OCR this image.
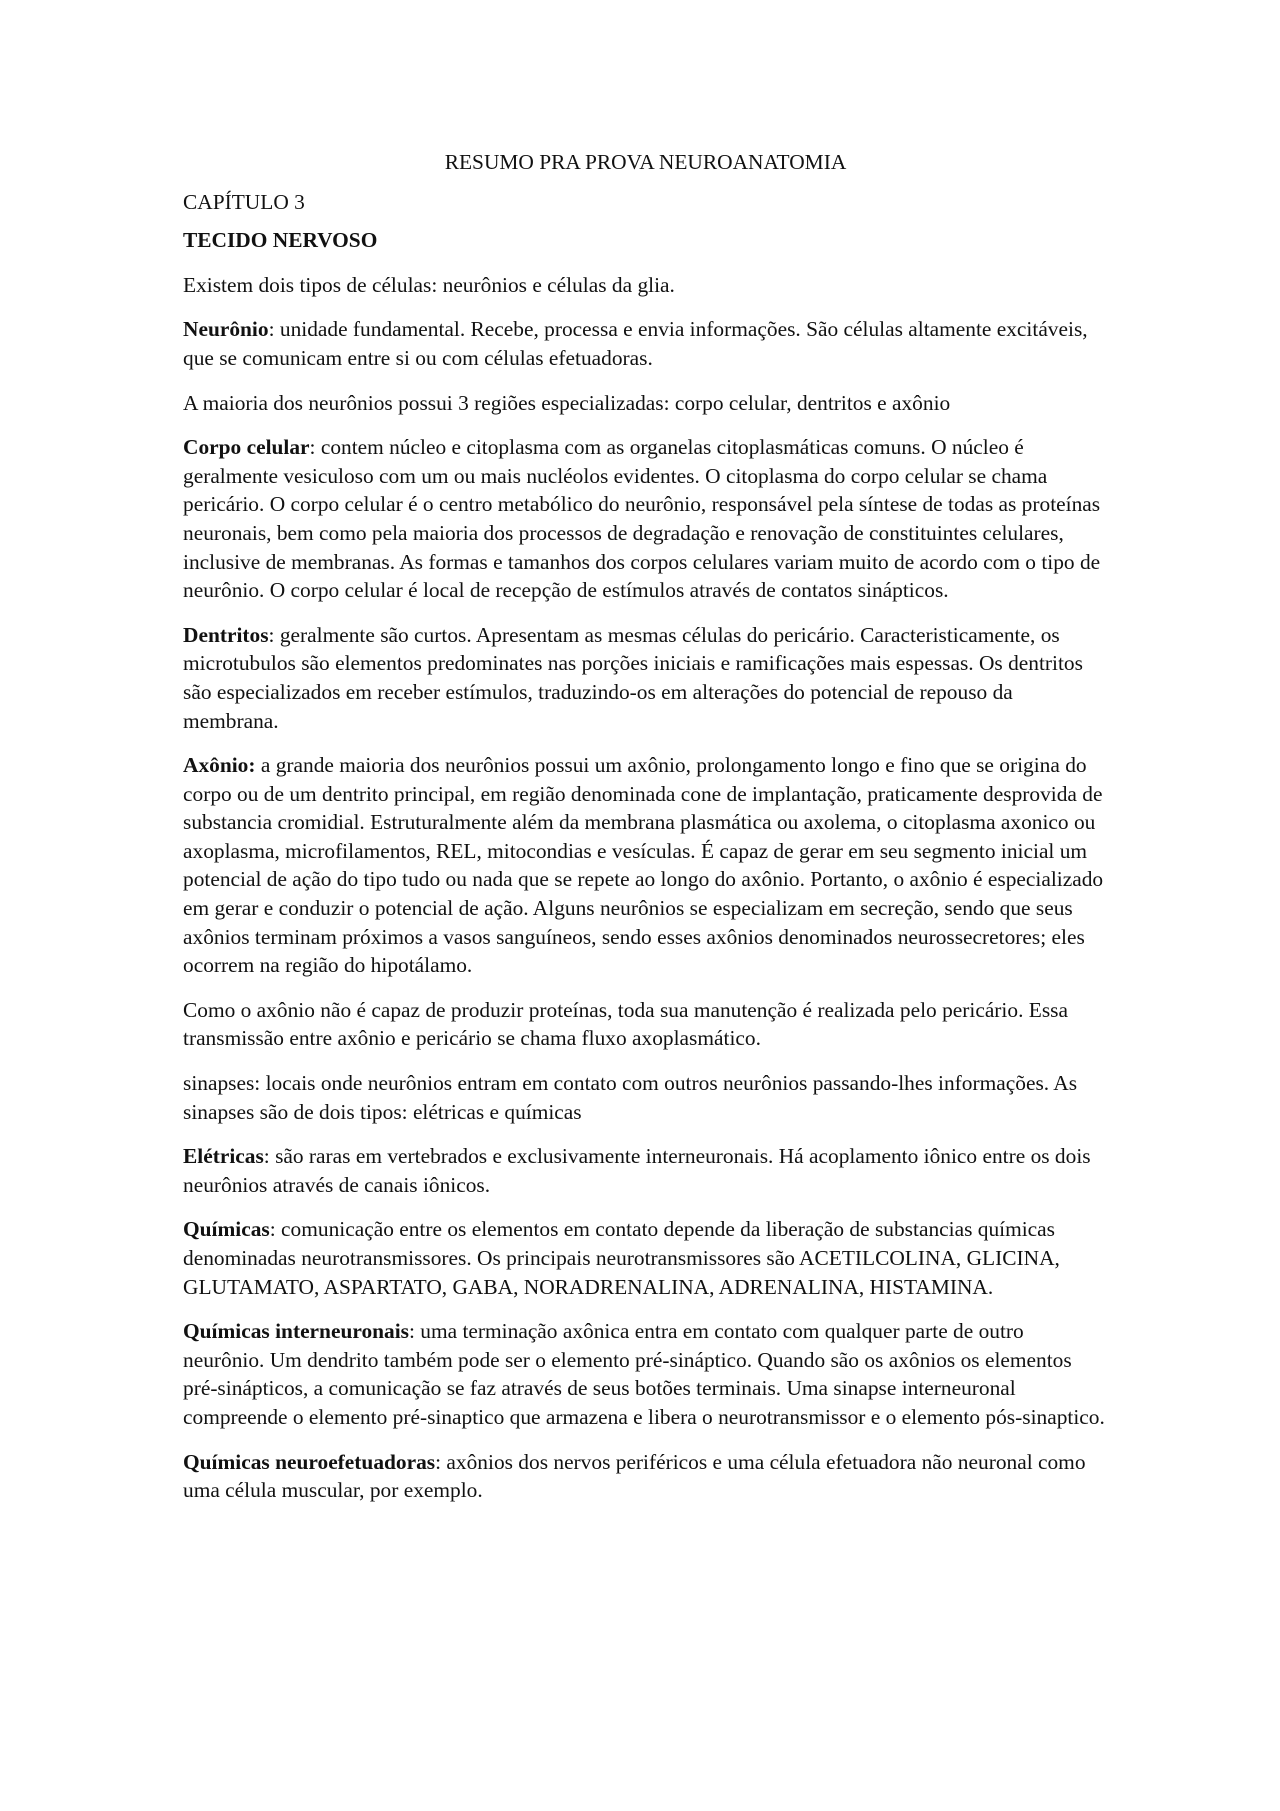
RESUMO PRA PROVA NEUROANATOMIA
CAPÍTULO 3
TECIDO NERVOSO

Existem dois tipos de células: neurônios e células da glia.

Neurônio: unidade fundamental. Recebe, processa e envia informações. São células altamente excitáveis, que se comunicam entre si ou com células efetuadoras.

A maioria dos neurônios possui 3 regiões especializadas: corpo celular, dentritos e axônio

Corpo celular: contem núcleo e citoplasma com as organelas citoplasmáticas comuns. O núcleo é geralmente vesiculoso com um ou mais nucléolos evidentes. O citoplasma do corpo celular se chama pericário. O corpo celular é o centro metabólico do neurônio, responsável pela síntese de todas as proteínas neuronais, bem como pela maioria dos processos de degradação e renovação de constituintes celulares, inclusive de membranas. As formas e tamanhos dos corpos celulares variam muito de acordo com o tipo de neurônio. O corpo celular é local de recepção de estímulos através de contatos sinápticos.

Dentritos: geralmente são curtos. Apresentam as mesmas células do pericário. Caracteristicamente, os microtubulos são elementos predominates nas porções iniciais e ramificações mais espessas. Os dentritos são especializados em receber estímulos, traduzindo-os em alterações do potencial de repouso da membrana.

Axônio: a grande maioria dos neurônios possui um axônio, prolongamento longo e fino que se origina do corpo ou de um dentrito principal, em região denominada cone de implantação, praticamente desprovida de substancia cromidial. Estruturalmente além da membrana plasmática ou axolema, o citoplasma axonico ou axoplasma, microfilamentos, REL, mitocondias e vesículas. É capaz de gerar em seu segmento inicial um potencial de ação do tipo tudo ou nada que se repete ao longo do axônio. Portanto, o axônio é especializado em gerar e conduzir o potencial de ação. Alguns neurônios se especializam em secreção, sendo que seus axônios terminam próximos a vasos sanguíneos, sendo esses axônios denominados neurossecretores; eles ocorrem na região do hipotálamo.

Como o axônio não é capaz de produzir proteínas, toda sua manutenção é realizada pelo pericário. Essa transmissão entre axônio e pericário se chama fluxo axoplasmático.

sinapses: locais onde neurônios entram em contato com outros neurônios passando-lhes informações. As sinapses são de dois tipos: elétricas e químicas

Elétricas: são raras em vertebrados e exclusivamente interneuronais. Há acoplamento iônico entre os dois neurônios através de canais iônicos.

Químicas: comunicação entre os elementos em contato depende da liberação de substancias químicas denominadas neurotransmissores. Os principais neurotransmissores são ACETILCOLINA, GLICINA, GLUTAMATO, ASPARTATO, GABA, NORADRENALINA, ADRENALINA, HISTAMINA.

Químicas interneuronais: uma terminação axônica entra em contato com qualquer parte de outro neurônio. Um dendrito também pode ser o elemento pré-sináptico. Quando são os axônios os elementos pré-sinápticos, a comunicação se faz através de seus botões terminais. Uma sinapse interneuronal compreende o elemento pré-sinaptico que armazena e libera o neurotransmissor e o elemento pós-sinaptico.

Químicas neuroefetuadoras: axônios dos nervos periféricos e uma célula efetuadora não neuronal como uma célula muscular, por exemplo.
